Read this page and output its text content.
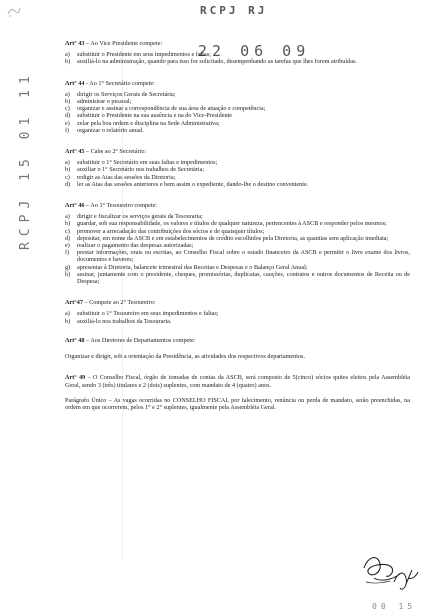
RCPJ RJ
22 06 09
RCPJ 15 01 11

Art° 43 – Ao Vice Presidente compete:

a)	substituir o Presidente em seus impedimentos e faltas;
b)	auxiliá-lo na administração, quando para isso for solicitado, desempenhando as tarefas que lhes forem atribuídas.

Art° 44 - Ao 1° Secretário compete:

a)	dirigir os Serviços Gerais de Secretária;
b)	administrar o pessoal;
c)	organizar e assinar a correspondência de sua área de atuação e competência;
d)	substituir o Presidente na sua ausência e na do Vice-Presidente
e)	zelar pela boa ordem e disciplina na Sede Administrativa;
f)	organizar o relatório anual.

Art° 45 – Cabe ao 2° Secretário:

a)	substituir o 1° Secretário em suas faltas e impedimentos;
b)	auxiliar o 1° Secretário nos trabalhos de Secretária;
c)	redigir as Atas das sessões da Diretoria;
d)	ler as Atas das sessões anteriores e bem assim o expediente, dando-lhe o destino conveniente.

Art° 46 – Ao 1° Tesoureiro compete:

a)	dirigir e fiscalizar os serviços gerais da Tesouraria;
b)	guardar, sob sua responsabilidade, os valores e títulos de qualquer natureza, pertencentes à ASCB e responder pelos mesmos;
c)	promover a arrecadação das contribuições dos sócios e de quaisquer títulos;
d)	depositar, em nome da ASCB e em estabelecimentos de crédito escolhidos pela Diretoria, as quantias sem aplicação imediata;
e)	realizar o pagamento das despesas autorizadas;
f)	prestar informações, orais ou escritas, ao Conselho Fiscal sobre o estado financeiro da ASCB e permitir o livre exame dos livros, documentos e haveres;
g)	apresentar à Diretoria, balancete trimestral das Receitas e Despesas e o Balanço Geral Anual;
h)	assinar, juntamente com o presidente, cheques, promissórias, duplicatas, cauções, contratos e outros documentos de Receita ou de Despesa;

Art°47 – Compete ao 2° Tesoureiro:

a)	substituir o 1° Tesoureiro em seus impedimentos e faltas;
b)	auxiliá-lo nos trabalhos da Tesouraria.

Art° 48 – Aos Diretores de Departamentos compete:

Organizar e dirigir, sob a orientação da Presidência, as atividades dos respectivos departamentos.

Art° 49 – O Conselho Fiscal, órgão de tomadas de contas da ASCB, será composto de 5(cinco) sócios quites eleitos pela Assembléia Geral, sendo 3 (três) titulares e 2 (dois) suplentes, com mandato de 4 (quatro) anos.

Parágrafo Único – As vagas ocorridas no CONSELHO FISCAL por falecimento, renúncia ou perda de mandato, serão preenchidas, na ordem em que ocorrerem, pelos 1° e 2° suplentes, igualmente pela Assembléia Geral.

00 15
